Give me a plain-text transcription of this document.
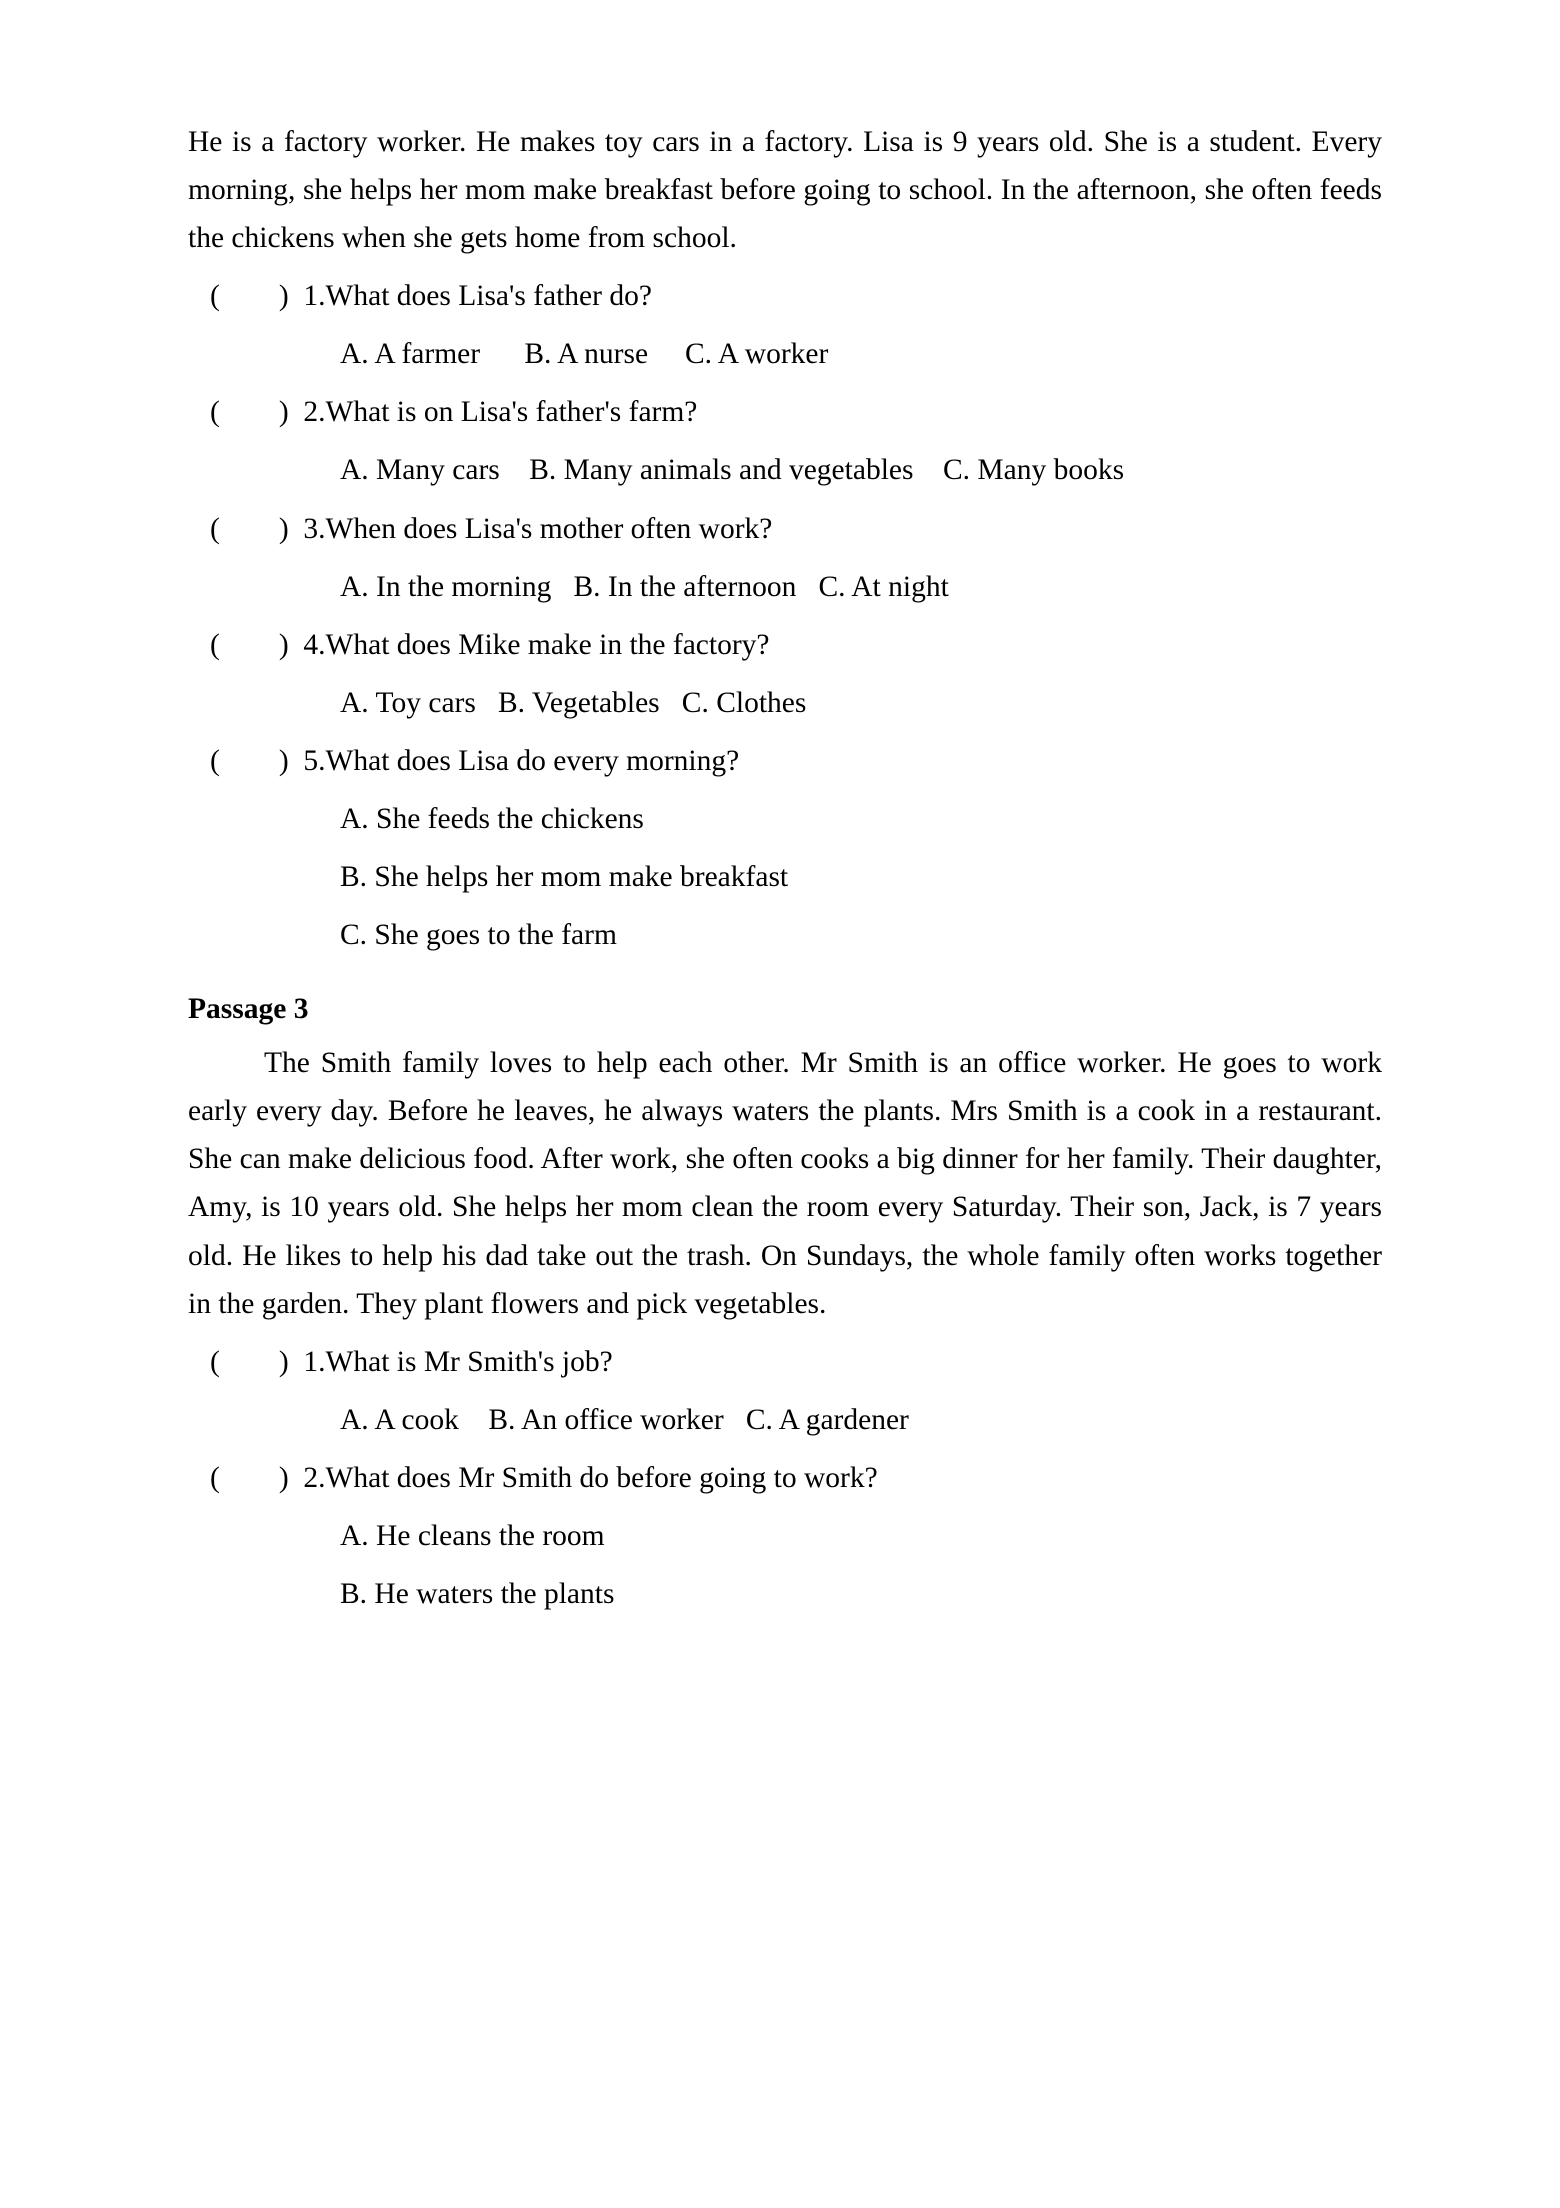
He is a factory worker. He makes toy cars in a factory. Lisa is 9 years old. She is a student. Every morning, she helps her mom make breakfast before going to school. In the afternoon, she often feeds the chickens when she gets home from school.

(        )  1.What does Lisa's father do?

A. A farmer      B. A nurse     C. A worker

(        )  2.What is on Lisa's father's farm?

A. Many cars    B. Many animals and vegetables    C. Many books

(        )  3.When does Lisa's mother often work?

A. In the morning   B. In the afternoon   C. At night

(        )  4.What does Mike make in the factory?

A. Toy cars   B. Vegetables   C. Clothes

(        )  5.What does Lisa do every morning?

A. She feeds the chickens

B. She helps her mom make breakfast

C. She goes to the farm

Passage 3

The Smith family loves to help each other. Mr Smith is an office worker. He goes to work early every day. Before he leaves, he always waters the plants. Mrs Smith is a cook in a restaurant. She can make delicious food. After work, she often cooks a big dinner for her family. Their daughter, Amy, is 10 years old. She helps her mom clean the room every Saturday. Their son, Jack, is 7 years old. He likes to help his dad take out the trash. On Sundays, the whole family often works together in the garden. They plant flowers and pick vegetables.

(        )  1.What is Mr Smith's job?

A. A cook    B. An office worker   C. A gardener

(        )  2.What does Mr Smith do before going to work?

A. He cleans the room

B. He waters the plants
